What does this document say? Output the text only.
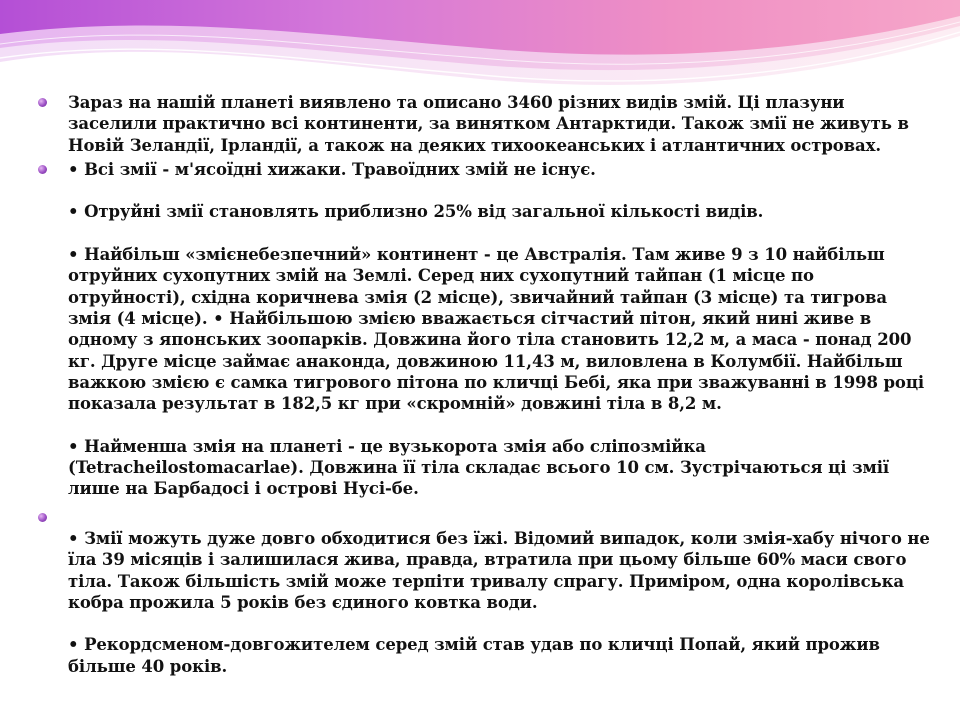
Зараз на нашій планеті виявлено та описано 3460 різних видів змій. Ці плазуни заселили практично всі континенти, за винятком Антарктиди. Також змії не живуть в Новій Зеландії, Ірландії, а також на деяких тихоокеанських і атлантичних островах.
• Всі змії - м'ясоїдні хижаки. Травоїдних змій не існує.
• Отруйні змії становлять приблизно 25% від загальної кількості видів.
• Найбільш «змієнебезпечний» континент - це Австралія. Там живе 9 з 10 найбільш отруйних сухопутних змій на Землі. Серед них сухопутний тайпан (1 місце по отруйності), східна коричнева змія (2 місце), звичайний тайпан (3 місце) та тигрова змія (4 місце). • Найбільшою змією вважається сітчастий пітон, який нині живе в одному з японських зоопарків. Довжина його тіла становить 12,2 м, а маса - понад 200 кг. Друге місце займає анаконда, довжиною 11,43 м, виловлена в Колумбії. Найбільш важкою змією є самка тигрового пітона по кличці Бебі, яка при зважуванні в 1998 році показала результат в 182,5 кг при «скромній» довжині тіла в 8,2 м.
• Найменша змія на планеті - це вузькорота змія або сліпозмійка (Tetracheilostomacarlae). Довжина її тіла складає всього 10 см. Зустрічаються ці змії лише на Барбадосі і острові Нусі-бе.
• Змії можуть дуже довго обходитися без їжі. Відомий випадок, коли змія-хабу нічого не їла 39 місяців і залишилася жива, правда, втратила при цьому більше 60% маси свого тіла. Також більшість змій може терпіти тривалу спрагу. Приміром, одна королівська кобра прожила 5 років без єдиного ковтка води.
• Рекордсменом-довгожителем серед змій став удав по кличці Попай, який прожив більше 40 років.
